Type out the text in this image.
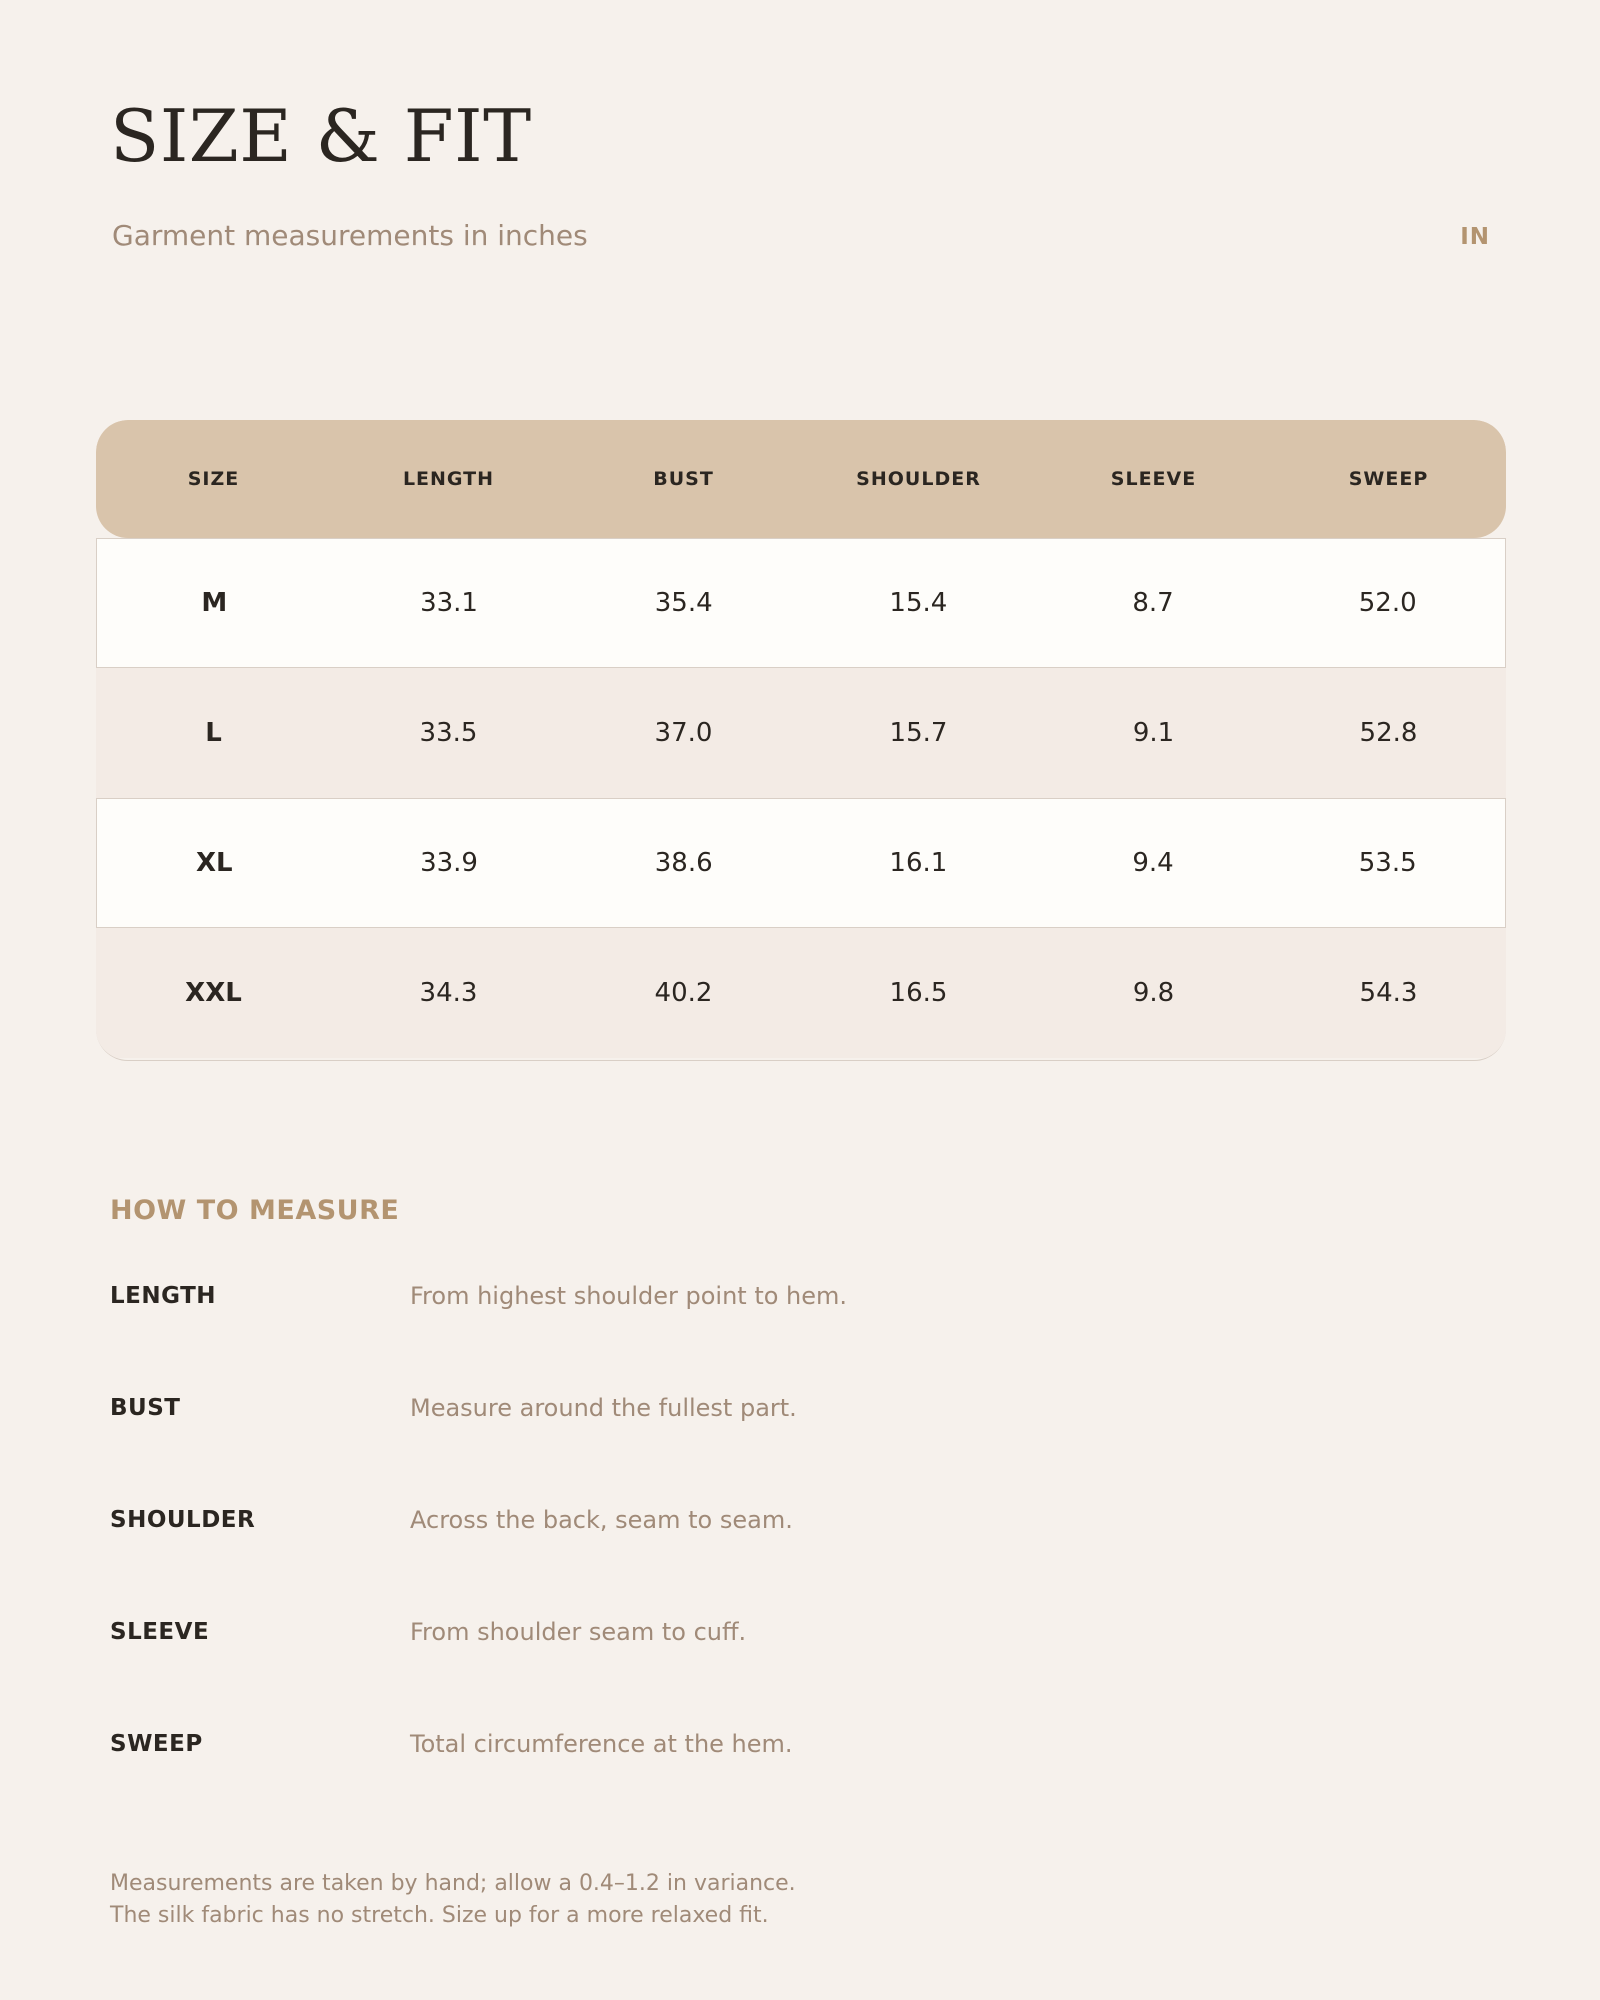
SIZE & FIT
Garment measurements in inches	IN
SIZE	LENGTH	BUST	SHOULDER	SLEEVE	SWEEP
M	33.1	35.4	15.4	8.7	52.0
L	33.5	37.0	15.7	9.1	52.8
XL	33.9	38.6	16.1	9.4	53.5
XXL	34.3	40.2	16.5	9.8	54.3
HOW TO MEASURE
LENGTH	From highest shoulder point to hem.
BUST	Measure around the fullest part.
SHOULDER	Across the back, seam to seam.
SLEEVE	From shoulder seam to cuff.
SWEEP	Total circumference at the hem.
Measurements are taken by hand; allow a 0.4–1.2 in variance.
The silk fabric has no stretch. Size up for a more relaxed fit.
